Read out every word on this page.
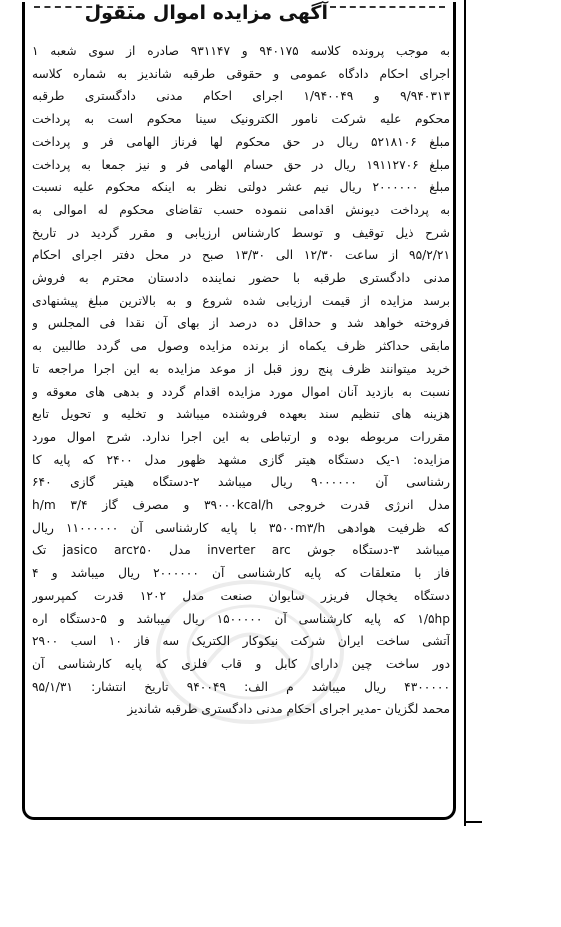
آگهی مزایده اموال منقول
به موجب پرونده کلاسه ۹۴۰۱۷۵ و ۹۳۱۱۴۷ صادره از سوی شعبه ۱
اجرای احکام دادگاه عمومی و حقوقی طرقبه شاندیز به شماره کلاسه
۹/۹۴۰۳۱۳ و ۱/۹۴۰۰۴۹ اجرای احکام مدنی دادگستری طرقبه
محکوم علیه شرکت نامور الکترونیک سینا محکوم است به پرداخت
مبلغ ۵۲۱۸۱۰۶ ریال در حق محکوم لها فرناز الهامی فر و پرداخت
مبلغ ۱۹۱۱۲۷۰۶ ریال در حق حسام الهامی فر و نیز جمعا به پرداخت
مبلغ ۲۰۰۰۰۰۰ ریال نیم عشر دولتی نظر به اینکه محکوم علیه نسبت
به پرداخت دیونش اقدامی ننموده حسب تقاضای محکوم له اموالی به
شرح ذیل توقیف و توسط کارشناس ارزیابی و مقرر گردید در تاریخ
۹۵/۲/۲۱ از ساعت ۱۲/۳۰ الی ۱۳/۳۰ صبح در محل دفتر اجرای احکام
مدنی دادگستری طرقبه با حضور نماینده دادستان محترم به فروش
برسد مزایده از قیمت ارزیابی شده شروع و به بالاترین مبلغ پیشنهادی
فروخته خواهد شد و حداقل ده درصد از بهای آن نقدا فی المجلس و
مابقی حداکثر ظرف یکماه از برنده مزایده وصول می گردد طالبین به
خرید میتوانند ظرف پنج روز قبل از موعد مزایده به این اجرا مراجعه تا
نسبت به بازدید آنان اموال مورد مزایده اقدام گردد و بدهی های معوقه و
هزینه های تنظیم سند بعهده فروشنده میباشد و تخلیه و تحویل تابع
مقررات مربوطه بوده و ارتباطی به این اجرا ندارد. شرح اموال مورد
مزایده: ۱-یک دستگاه هیتر گازی مشهد ظهور مدل ۲۴۰۰ که پایه کا
رشناسی آن ۹۰۰۰۰۰۰ ریال میباشد ۲-دستگاه هیتر گازی ۶۴۰
مدل انرژی قدرت خروجی ۳۹۰۰۰kcal/h و مصرف گاز ۳/۴ h/m
که ظرفیت هوادهی ۳۵۰۰m۳/h با پایه کارشناسی آن ۱۱۰۰۰۰۰۰ ریال
میباشد ۳-دستگاه جوش inverter arc مدل jasico arc۲۵۰ تک
فاز با متعلقات که پایه کارشناسی آن ۲۰۰۰۰۰۰ ریال میباشد و ۴
دستگاه یخچال فریزر سایوان صنعت مدل ۱۲۰۲ قدرت کمپرسور
۱/۵hp که پایه کارشناسی آن ۱۵۰۰۰۰۰ ریال میباشد و ۵-دستگاه اره
آتشی ساخت ایران شرکت نیکوکار الکتریک سه فاز ۱۰ اسب ۲۹۰۰
دور ساخت چین دارای کابل و قاب فلزی که پایه کارشناسی آن
۴۳۰۰۰۰۰ ریال میباشد م الف: ۹۴۰۰۴۹ تاریخ انتشار: ۹۵/۱/۳۱
محمد لگزیان -مدیر اجرای احکام مدنی دادگستری طرقبه شاندیز
